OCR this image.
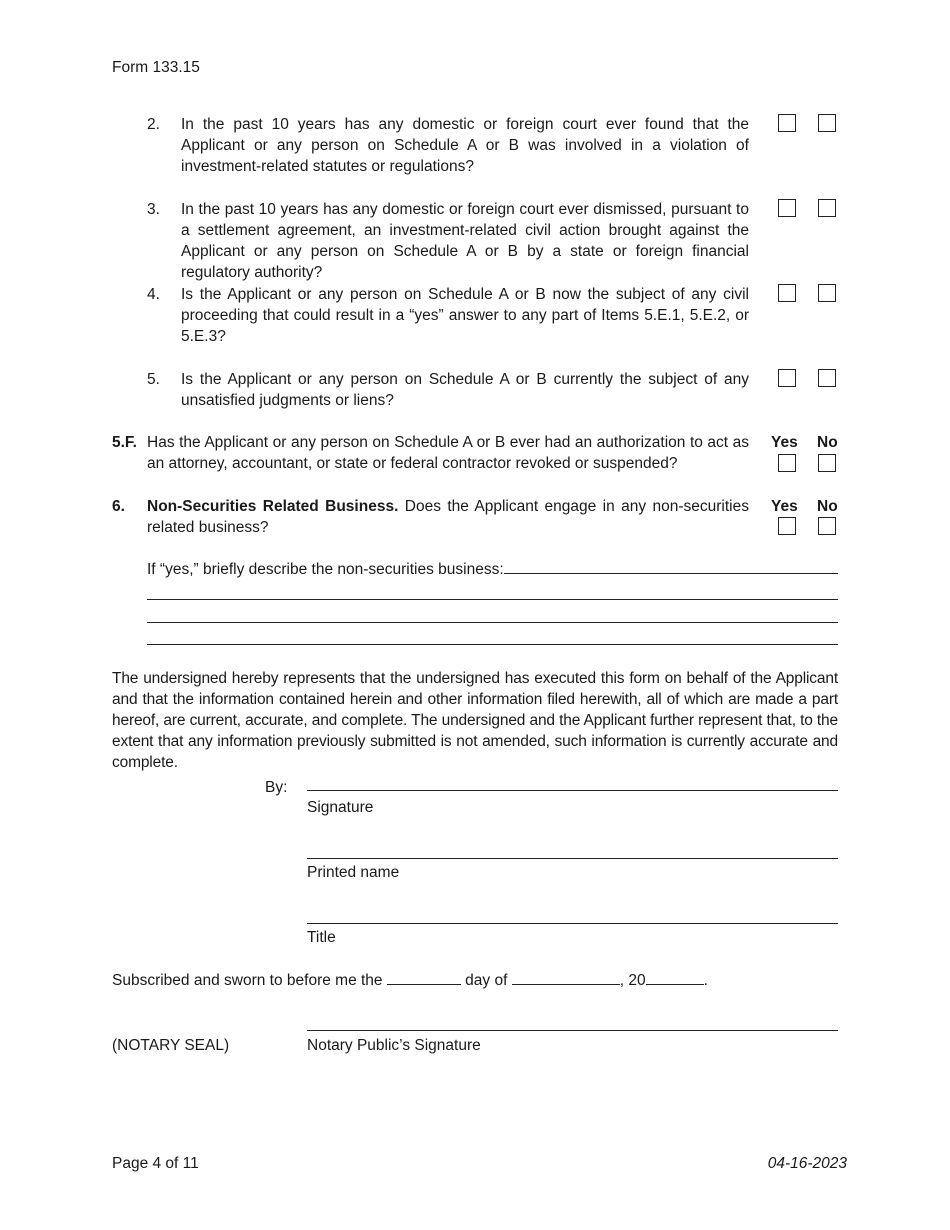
Form 133.15
2. In the past 10 years has any domestic or foreign court ever found that the Applicant or any person on Schedule A or B was involved in a violation of investment-related statutes or regulations?
3. In the past 10 years has any domestic or foreign court ever dismissed, pursuant to a settlement agreement, an investment-related civil action brought against the Applicant or any person on Schedule A or B by a state or foreign financial regulatory authority?
4. Is the Applicant or any person on Schedule A or B now the subject of any civil proceeding that could result in a “yes” answer to any part of Items 5.E.1, 5.E.2, or 5.E.3?
5. Is the Applicant or any person on Schedule A or B currently the subject of any unsatisfied judgments or liens?
5.F. Has the Applicant or any person on Schedule A or B ever had an authorization to act as an attorney, accountant, or state or federal contractor revoked or suspended?
Yes No
6. Non-Securities Related Business. Does the Applicant engage in any non-securities related business?
Yes No
If “yes,” briefly describe the non-securities business:
The undersigned hereby represents that the undersigned has executed this form on behalf of the Applicant and that the information contained herein and other information filed herewith, all of which are made a part hereof, are current, accurate, and complete. The undersigned and the Applicant further represent that, to the extent that any information previously submitted is not amended, such information is currently accurate and complete.
By:
Signature
Printed name
Title
Subscribed and sworn to before me the	day of	, 20	.
(NOTARY SEAL)	Notary Public’s Signature
Page 4 of 11	04-16-2023
